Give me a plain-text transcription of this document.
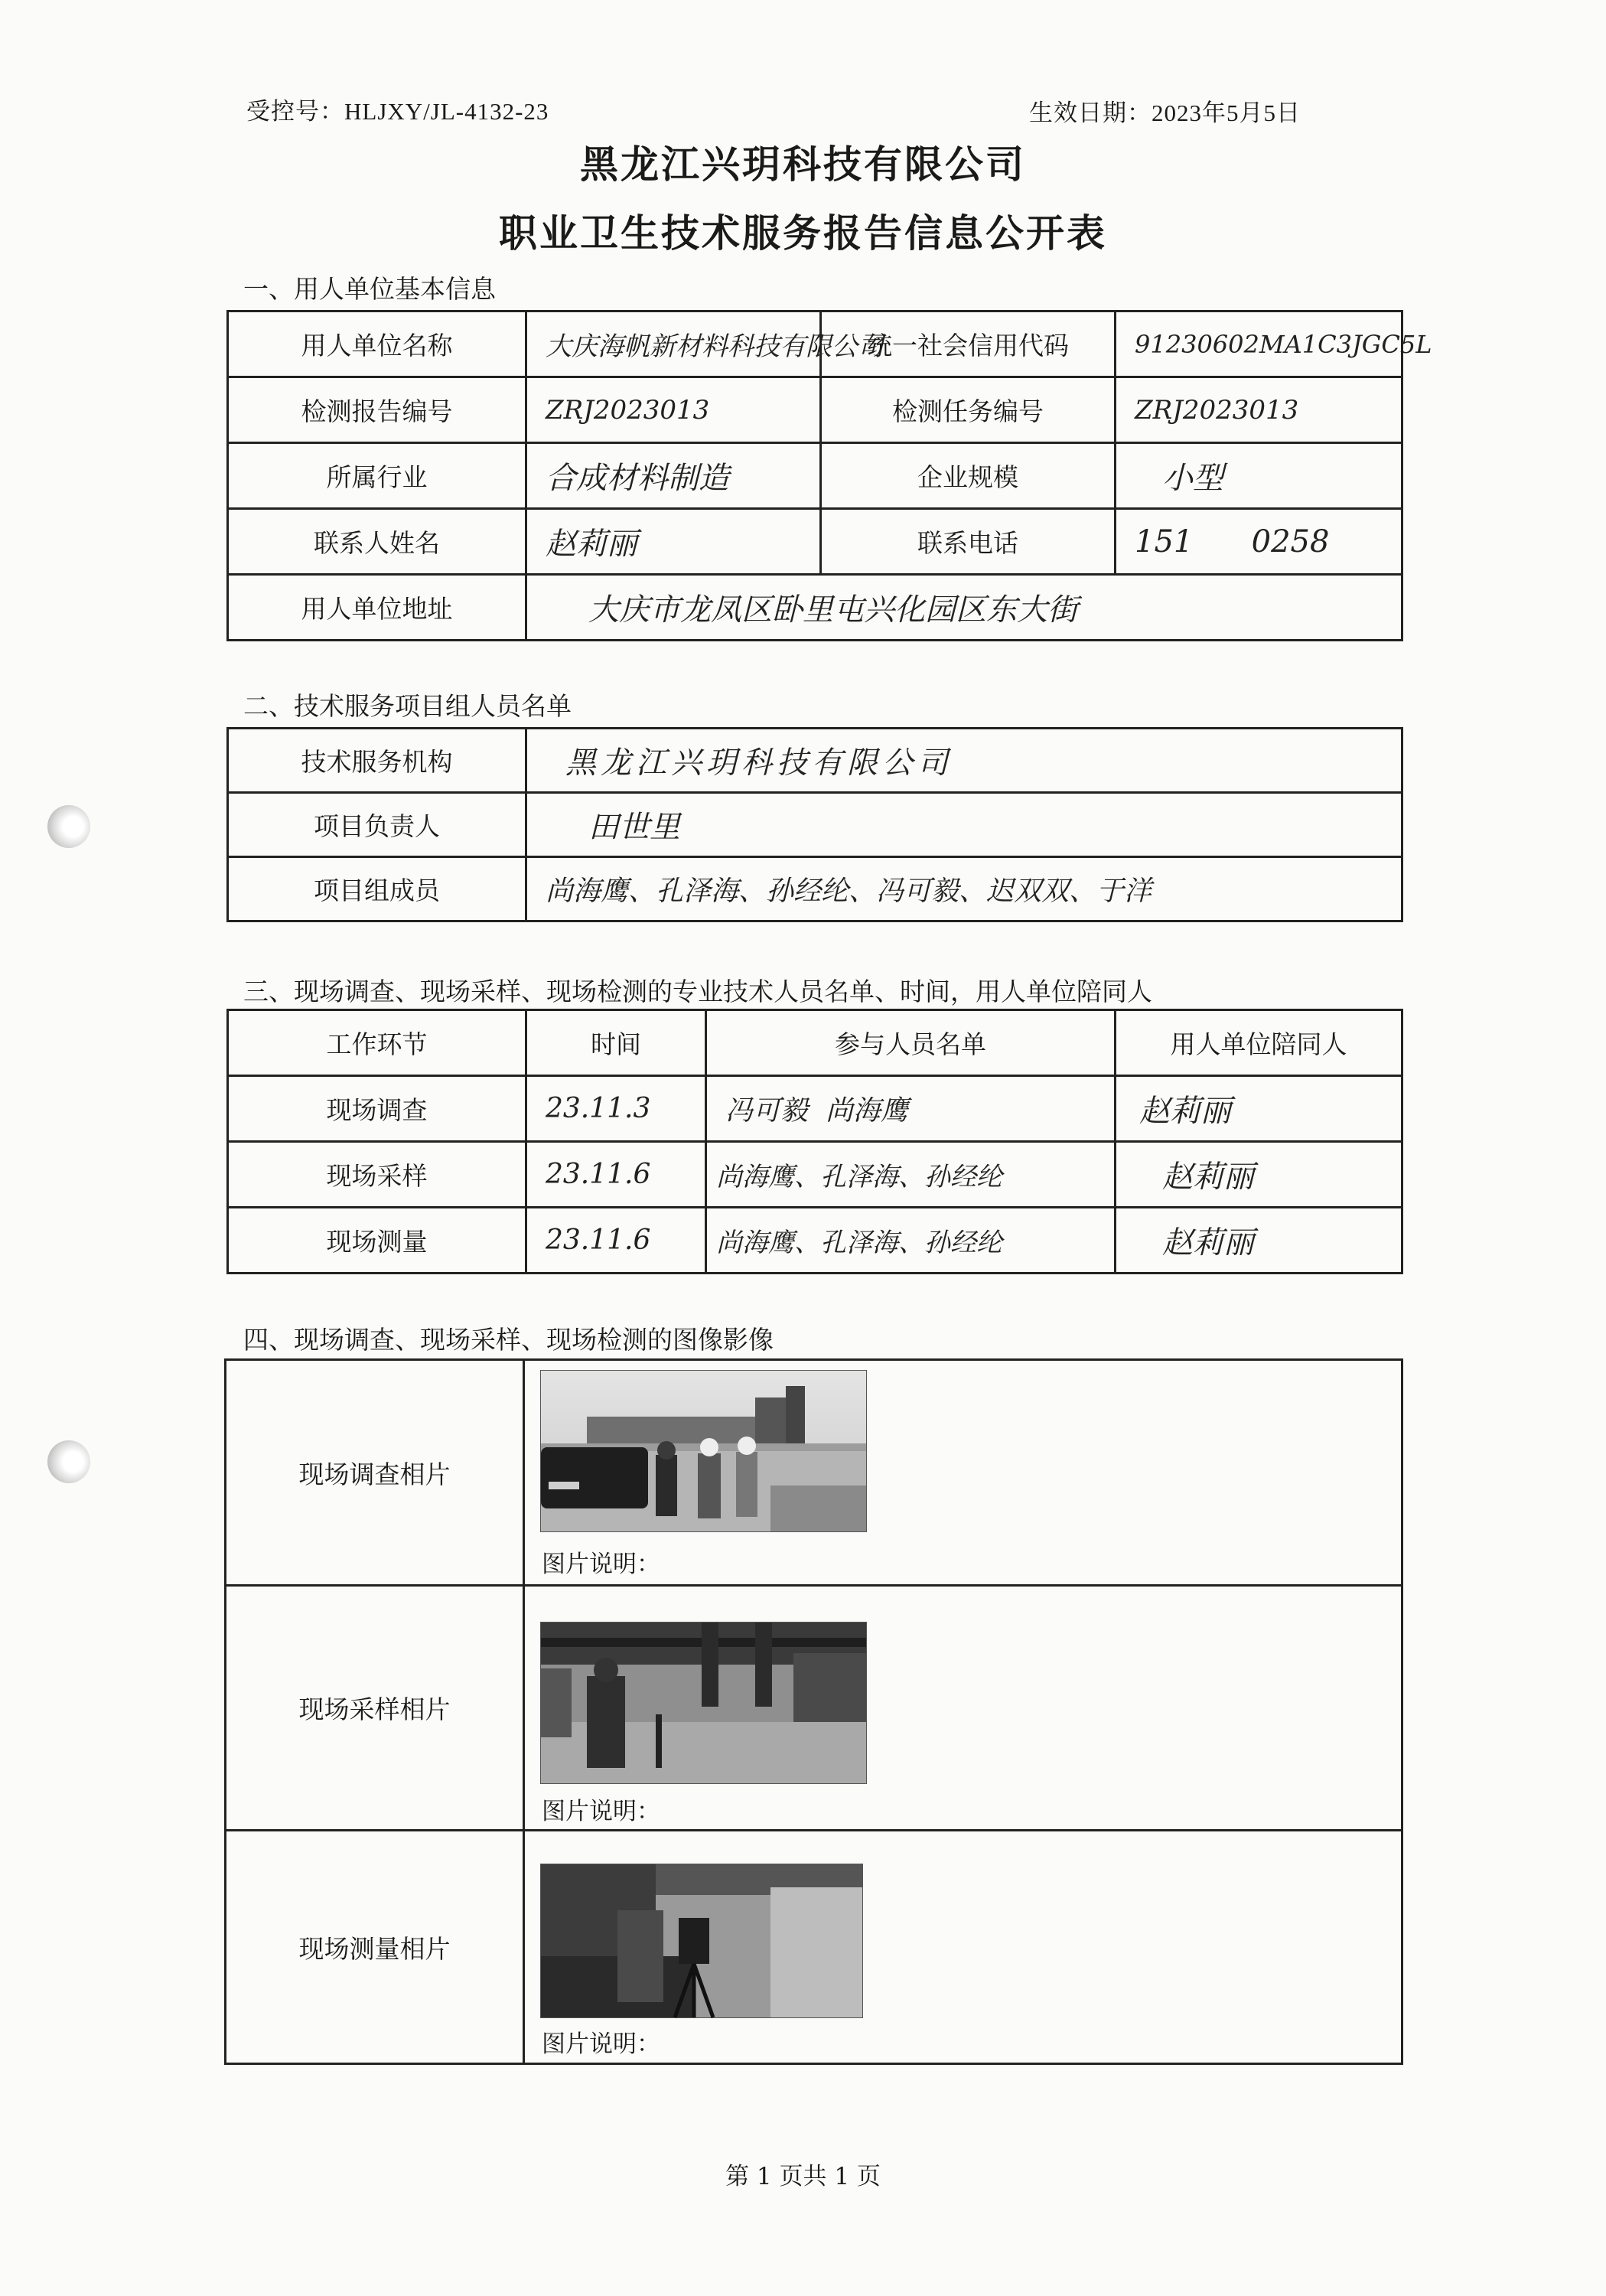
受控号：HLJXY/JL-4132-23	生效日期：2023年5月5日
黑龙江兴玥科技有限公司
职业卫生技术服务报告信息公开表
一、用人单位基本信息
用人单位名称	大庆海帆新材料科技有限公司	统一社会信用代码	91230602MA1C3JGC5L
检测报告编号	ZRJ2023013	检测任务编号	ZRJ2023013
所属行业	合成材料制造	企业规模	小型
联系人姓名	赵莉丽	联系电话	151      0258
用人单位地址	大庆市龙凤区卧里屯兴化园区东大街		
二、技术服务项目组人员名单
技术服务机构	黑龙江兴玥科技有限公司
项目负责人	田世里
项目组成员	尚海鹰、孔泽海、孙经纶、冯可毅、迟双双、于洋
三、现场调查、现场采样、现场检测的专业技术人员名单、时间，用人单位陪同人
工作环节	时间	参与人员名单	用人单位陪同人
现场调查	23.11.3	冯可毅  尚海鹰	赵莉丽
现场采样	23.11.6	尚海鹰、孔泽海、孙经纶	赵莉丽
现场测量	23.11.6	尚海鹰、孔泽海、孙经纶	赵莉丽
四、现场调查、现场采样、现场检测的图像影像
现场调查相片	图片说明：

现场采样相片	图片说明：

现场测量相片	图片说明：
第 1 页共 1 页
